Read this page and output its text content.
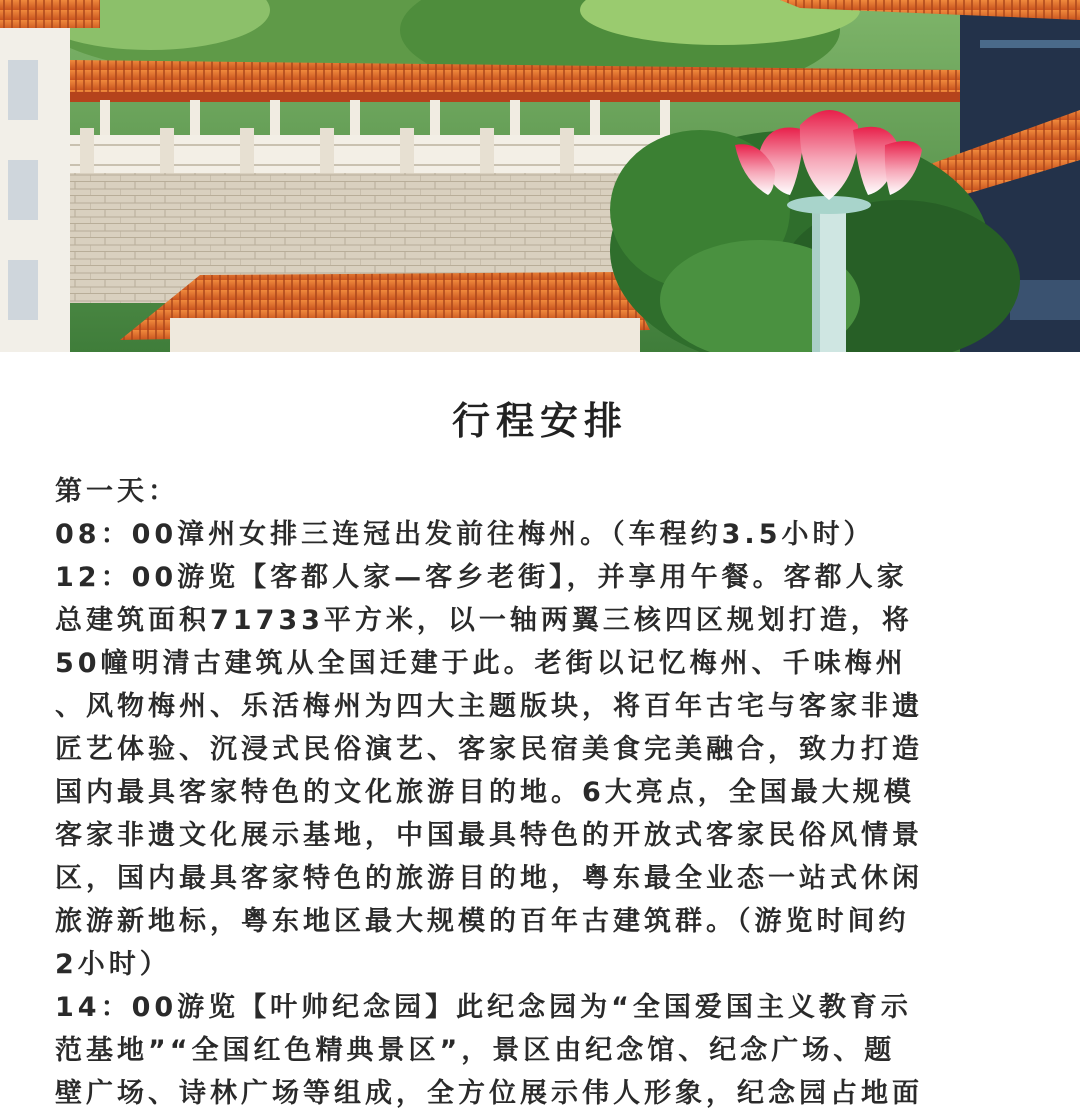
行程安排
第一天：
08：00漳州女排三连冠出发前往梅州。（车程约3.5小时）
12：00游览【客都人家—客乡老街】，并享用午餐。客都人家
总建筑面积71733平方米，以一轴两翼三核四区规划打造，将
50幢明清古建筑从全国迁建于此。老街以记忆梅州、千味梅州
、风物梅州、乐活梅州为四大主题版块，将百年古宅与客家非遗
匠艺体验、沉浸式民俗演艺、客家民宿美食完美融合，致力打造
国内最具客家特色的文化旅游目的地。6大亮点，全国最大规模
客家非遗文化展示基地，中国最具特色的开放式客家民俗风情景
区，国内最具客家特色的旅游目的地，粤东最全业态一站式休闲
旅游新地标，粤东地区最大规模的百年古建筑群。（游览时间约
2小时）
14：00游览【叶帅纪念园】此纪念园为“全国爱国主义教育示
范基地”“全国红色精典景区”，景区由纪念馆、纪念广场、题
壁广场、诗林广场等组成，全方位展示伟人形象，纪念园占地面
